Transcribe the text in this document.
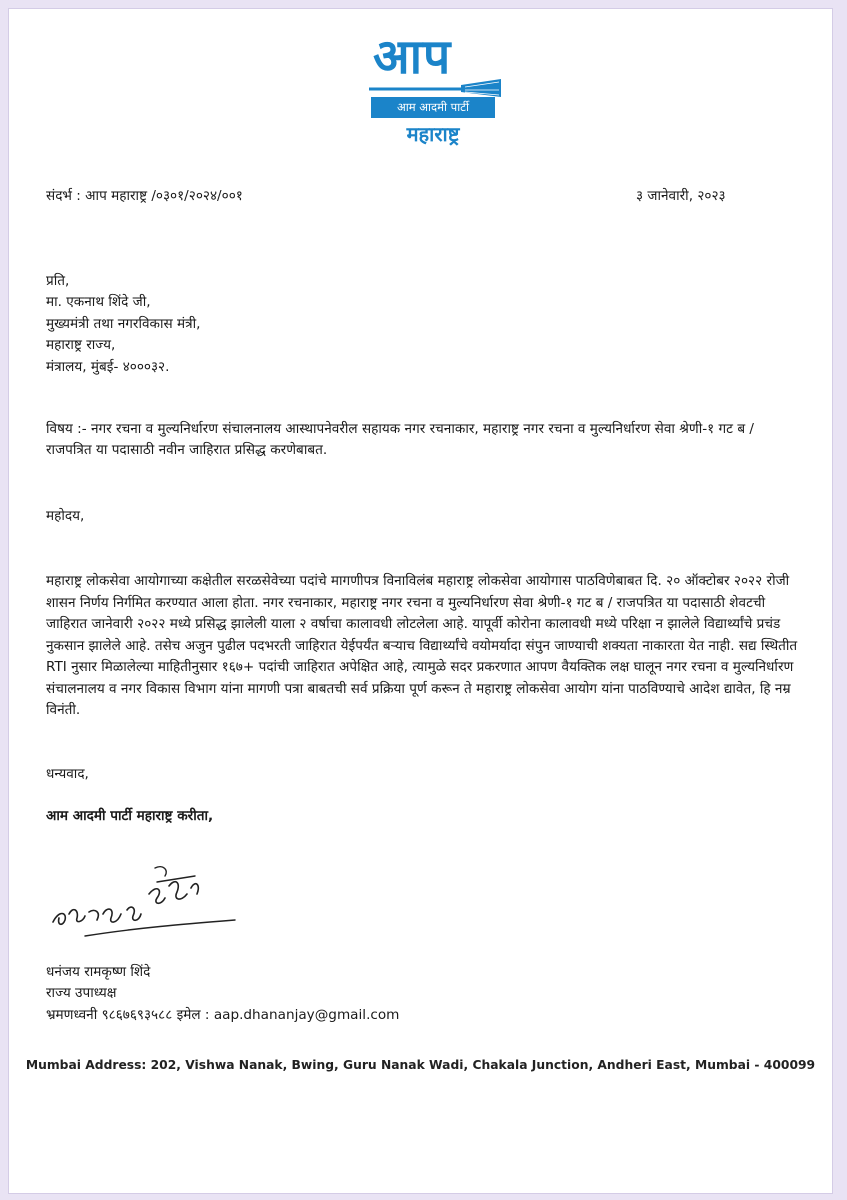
आप
आम आदमी पार्टी
महाराष्ट्र
संदर्भ : आप महाराष्ट्र /०३०१/२०२४/००१	३ जानेवारी, २०२३
प्रति,
मा. एकनाथ शिंदे जी,
मुख्यमंत्री तथा नगरविकास मंत्री,
महाराष्ट्र राज्य,
मंत्रालय, मुंबई- ४०००३२.
विषय :- नगर रचना व मुल्यनिर्धारण संचालनालय आस्थापनेवरील सहायक नगर रचनाकार, महाराष्ट्र नगर रचना व मुल्यनिर्धारण सेवा श्रेणी-१ गट ब / राजपत्रित या पदासाठी नवीन जाहिरात प्रसिद्ध करणेबाबत.
महोदय,
महाराष्ट्र लोकसेवा आयोगाच्या कक्षेतील सरळसेवेच्या पदांचे मागणीपत्र विनाविलंब महाराष्ट्र लोकसेवा आयोगास पाठविणेबाबत दि. २० ऑक्टोबर २०२२ रोजी शासन निर्णय निर्गमित करण्यात आला होता. नगर रचनाकार, महाराष्ट्र नगर रचना व मुल्यनिर्धारण सेवा श्रेणी-१ गट ब / राजपत्रित या पदासाठी शेवटची जाहिरात जानेवारी २०२२ मध्ये प्रसिद्ध झालेली याला २ वर्षाचा कालावधी लोटलेला आहे. यापूर्वी कोरोना कालावधी मध्ये परिक्षा न झालेले विद्यार्थ्यांचे प्रचंड नुकसान झालेले आहे. तसेच अजुन पुढील पदभरती जाहिरात येईपर्यंत बऱ्याच विद्यार्थ्यांचे वयोमर्यादा संपुन जाण्याची शक्यता नाकारता येत नाही. सद्य स्थितीत RTI नुसार मिळालेल्या माहितीनुसार १६७+ पदांची जाहिरात अपेक्षित आहे, त्यामुळे सदर प्रकरणात आपण वैयक्तिक लक्ष घालून नगर रचना व मुल्यनिर्धारण संचालनालय व नगर विकास विभाग यांना मागणी पत्रा बाबतची सर्व प्रक्रिया पूर्ण करून ते महाराष्ट्र लोकसेवा आयोग यांना पाठविण्याचे आदेश द्यावेत, हि नम्र विनंती.
धन्यवाद,
आम आदमी पार्टी महाराष्ट्र करीता,
धनंजय रामकृष्ण शिंदे
राज्य उपाध्यक्ष
भ्रमणध्वनी ९८६७६९३५८८ इमेल : aap.dhananjay@gmail.com
Mumbai Address: 202, Vishwa Nanak, Bwing, Guru Nanak Wadi, Chakala Junction, Andheri East, Mumbai - 400099
